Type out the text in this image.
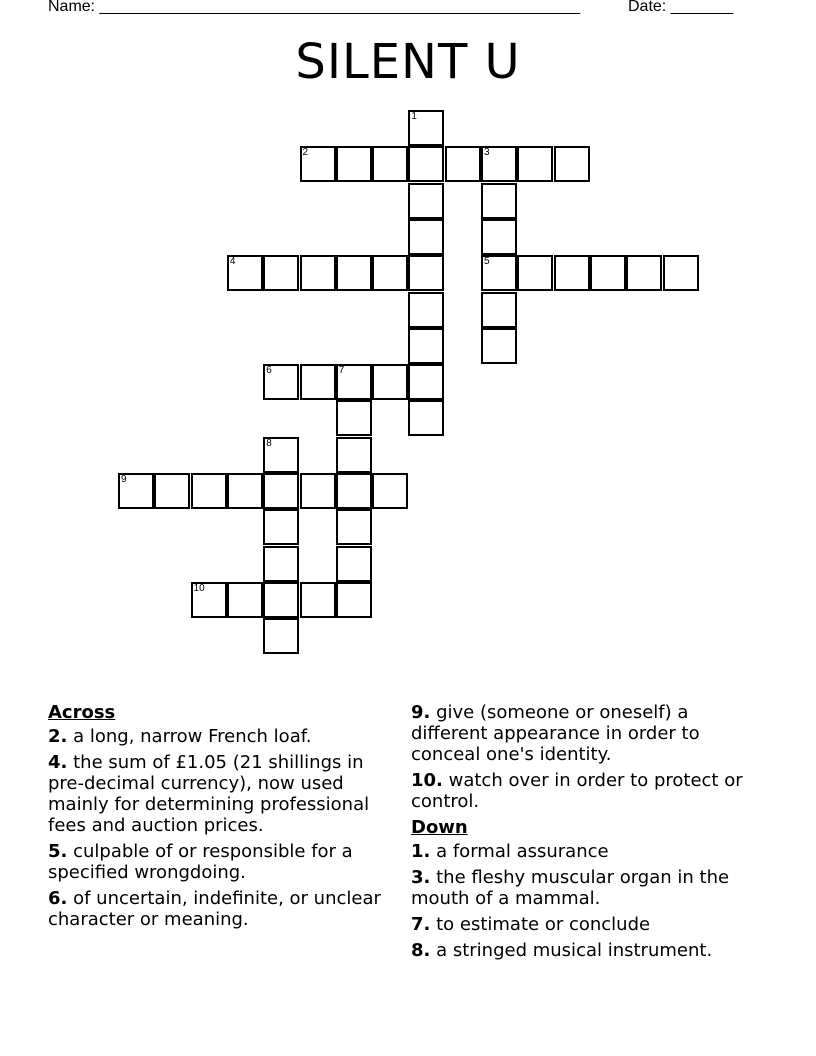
Name: ______________________________________________________	Date: _______
SILENT U
1
2	3
4	5
6	7
8
9
10
Across
2. a long, narrow French loaf.
4. the sum of £1.05 (21 shillings in pre-decimal currency), now used mainly for determining professional fees and auction prices.
5. culpable of or responsible for a specified wrongdoing.
6. of uncertain, indefinite, or unclear character or meaning.
9. give (someone or oneself) a different appearance in order to conceal one's identity.
10. watch over in order to protect or control.
Down
1. a formal assurance
3. the fleshy muscular organ in the mouth of a mammal.
7. to estimate or conclude
8. a stringed musical instrument.
